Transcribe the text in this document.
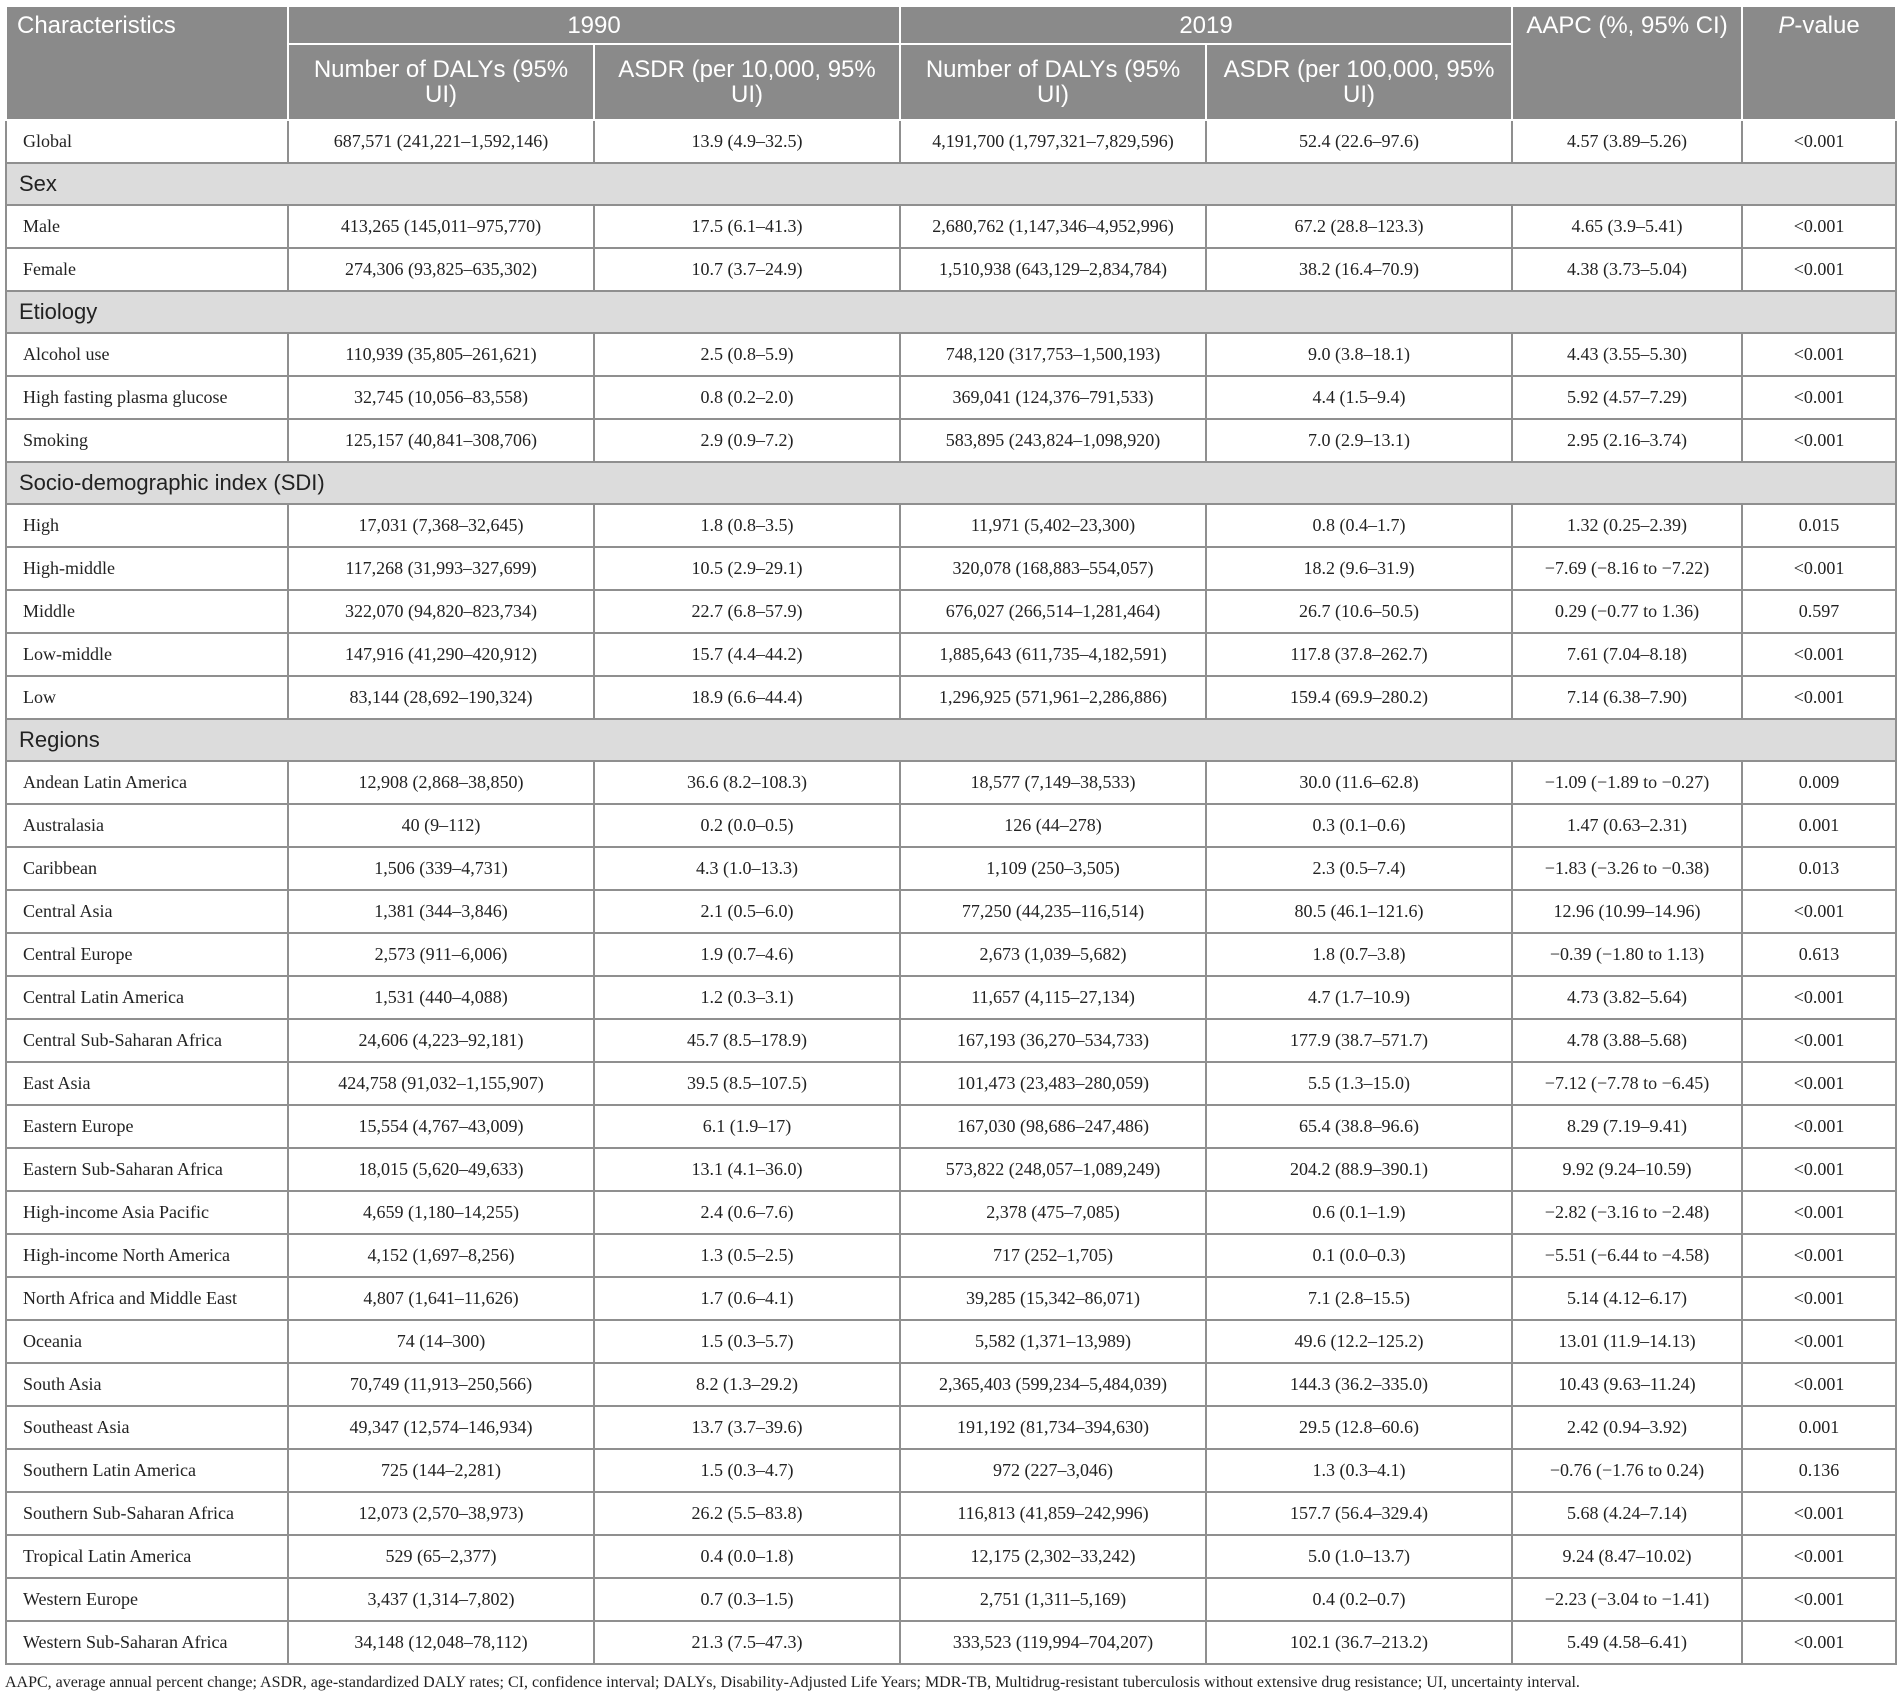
Characteristics	1990		2019		AAPC (%, 95% CI)	P-value
	Number of DALYs (95% UI)	ASDR (per 10,000, 95% UI)	Number of DALYs (95% UI)	ASDR (per 100,000, 95% UI)		
Global	687,571 (241,221–1,592,146)	13.9 (4.9–32.5)	4,191,700 (1,797,321–7,829,596)	52.4 (22.6–97.6)	4.57 (3.89–5.26)	<0.001
Sex						
Male	413,265 (145,011–975,770)	17.5 (6.1–41.3)	2,680,762 (1,147,346–4,952,996)	67.2 (28.8–123.3)	4.65 (3.9–5.41)	<0.001
Female	274,306 (93,825–635,302)	10.7 (3.7–24.9)	1,510,938 (643,129–2,834,784)	38.2 (16.4–70.9)	4.38 (3.73–5.04)	<0.001
Etiology						
Alcohol use	110,939 (35,805–261,621)	2.5 (0.8–5.9)	748,120 (317,753–1,500,193)	9.0 (3.8–18.1)	4.43 (3.55–5.30)	<0.001
High fasting plasma glucose	32,745 (10,056–83,558)	0.8 (0.2–2.0)	369,041 (124,376–791,533)	4.4 (1.5–9.4)	5.92 (4.57–7.29)	<0.001
Smoking	125,157 (40,841–308,706)	2.9 (0.9–7.2)	583,895 (243,824–1,098,920)	7.0 (2.9–13.1)	2.95 (2.16–3.74)	<0.001
Socio-demographic index (SDI)						
High	17,031 (7,368–32,645)	1.8 (0.8–3.5)	11,971 (5,402–23,300)	0.8 (0.4–1.7)	1.32 (0.25–2.39)	0.015
High-middle	117,268 (31,993–327,699)	10.5 (2.9–29.1)	320,078 (168,883–554,057)	18.2 (9.6–31.9)	−7.69 (−8.16 to −7.22)	<0.001
Middle	322,070 (94,820–823,734)	22.7 (6.8–57.9)	676,027 (266,514–1,281,464)	26.7 (10.6–50.5)	0.29 (−0.77 to 1.36)	0.597
Low-middle	147,916 (41,290–420,912)	15.7 (4.4–44.2)	1,885,643 (611,735–4,182,591)	117.8 (37.8–262.7)	7.61 (7.04–8.18)	<0.001
Low	83,144 (28,692–190,324)	18.9 (6.6–44.4)	1,296,925 (571,961–2,286,886)	159.4 (69.9–280.2)	7.14 (6.38–7.90)	<0.001
Regions						
Andean Latin America	12,908 (2,868–38,850)	36.6 (8.2–108.3)	18,577 (7,149–38,533)	30.0 (11.6–62.8)	−1.09 (−1.89 to −0.27)	0.009
Australasia	40 (9–112)	0.2 (0.0–0.5)	126 (44–278)	0.3 (0.1–0.6)	1.47 (0.63–2.31)	0.001
Caribbean	1,506 (339–4,731)	4.3 (1.0–13.3)	1,109 (250–3,505)	2.3 (0.5–7.4)	−1.83 (−3.26 to −0.38)	0.013
Central Asia	1,381 (344–3,846)	2.1 (0.5–6.0)	77,250 (44,235–116,514)	80.5 (46.1–121.6)	12.96 (10.99–14.96)	<0.001
Central Europe	2,573 (911–6,006)	1.9 (0.7–4.6)	2,673 (1,039–5,682)	1.8 (0.7–3.8)	−0.39 (−1.80 to 1.13)	0.613
Central Latin America	1,531 (440–4,088)	1.2 (0.3–3.1)	11,657 (4,115–27,134)	4.7 (1.7–10.9)	4.73 (3.82–5.64)	<0.001
Central Sub-Saharan Africa	24,606 (4,223–92,181)	45.7 (8.5–178.9)	167,193 (36,270–534,733)	177.9 (38.7–571.7)	4.78 (3.88–5.68)	<0.001
East Asia	424,758 (91,032–1,155,907)	39.5 (8.5–107.5)	101,473 (23,483–280,059)	5.5 (1.3–15.0)	−7.12 (−7.78 to −6.45)	<0.001
Eastern Europe	15,554 (4,767–43,009)	6.1 (1.9–17)	167,030 (98,686–247,486)	65.4 (38.8–96.6)	8.29 (7.19–9.41)	<0.001
Eastern Sub-Saharan Africa	18,015 (5,620–49,633)	13.1 (4.1–36.0)	573,822 (248,057–1,089,249)	204.2 (88.9–390.1)	9.92 (9.24–10.59)	<0.001
High-income Asia Pacific	4,659 (1,180–14,255)	2.4 (0.6–7.6)	2,378 (475–7,085)	0.6 (0.1–1.9)	−2.82 (−3.16 to −2.48)	<0.001
High-income North America	4,152 (1,697–8,256)	1.3 (0.5–2.5)	717 (252–1,705)	0.1 (0.0–0.3)	−5.51 (−6.44 to −4.58)	<0.001
North Africa and Middle East	4,807 (1,641–11,626)	1.7 (0.6–4.1)	39,285 (15,342–86,071)	7.1 (2.8–15.5)	5.14 (4.12–6.17)	<0.001
Oceania	74 (14–300)	1.5 (0.3–5.7)	5,582 (1,371–13,989)	49.6 (12.2–125.2)	13.01 (11.9–14.13)	<0.001
South Asia	70,749 (11,913–250,566)	8.2 (1.3–29.2)	2,365,403 (599,234–5,484,039)	144.3 (36.2–335.0)	10.43 (9.63–11.24)	<0.001
Southeast Asia	49,347 (12,574–146,934)	13.7 (3.7–39.6)	191,192 (81,734–394,630)	29.5 (12.8–60.6)	2.42 (0.94–3.92)	0.001
Southern Latin America	725 (144–2,281)	1.5 (0.3–4.7)	972 (227–3,046)	1.3 (0.3–4.1)	−0.76 (−1.76 to 0.24)	0.136
Southern Sub-Saharan Africa	12,073 (2,570–38,973)	26.2 (5.5–83.8)	116,813 (41,859–242,996)	157.7 (56.4–329.4)	5.68 (4.24–7.14)	<0.001
Tropical Latin America	529 (65–2,377)	0.4 (0.0–1.8)	12,175 (2,302–33,242)	5.0 (1.0–13.7)	9.24 (8.47–10.02)	<0.001
Western Europe	3,437 (1,314–7,802)	0.7 (0.3–1.5)	2,751 (1,311–5,169)	0.4 (0.2–0.7)	−2.23 (−3.04 to −1.41)	<0.001
Western Sub-Saharan Africa	34,148 (12,048–78,112)	21.3 (7.5–47.3)	333,523 (119,994–704,207)	102.1 (36.7–213.2)	5.49 (4.58–6.41)	<0.001
AAPC, average annual percent change; ASDR, age-standardized DALY rates; CI, confidence interval; DALYs, Disability-Adjusted Life Years; MDR-TB, Multidrug-resistant tuberculosis without extensive drug resistance; UI, uncertainty interval.
